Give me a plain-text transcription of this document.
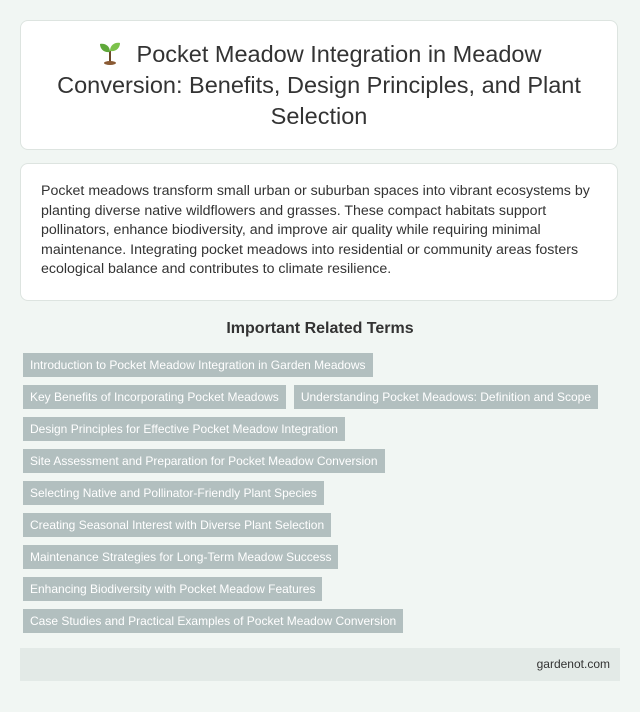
Pocket Meadow Integration in Meadow Conversion: Benefits, Design Principles, and Plant Selection

Pocket meadows transform small urban or suburban spaces into vibrant ecosystems by planting diverse native wildflowers and grasses. These compact habitats support pollinators, enhance biodiversity, and improve air quality while requiring minimal maintenance. Integrating pocket meadows into residential or community areas fosters ecological balance and contributes to climate resilience.

Important Related Terms
Introduction to Pocket Meadow Integration in Garden Meadows
Key Benefits of Incorporating Pocket Meadows	Understanding Pocket Meadows: Definition and Scope
Design Principles for Effective Pocket Meadow Integration
Site Assessment and Preparation for Pocket Meadow Conversion
Selecting Native and Pollinator-Friendly Plant Species
Creating Seasonal Interest with Diverse Plant Selection
Maintenance Strategies for Long-Term Meadow Success
Enhancing Biodiversity with Pocket Meadow Features
Case Studies and Practical Examples of Pocket Meadow Conversion
gardenot.com
